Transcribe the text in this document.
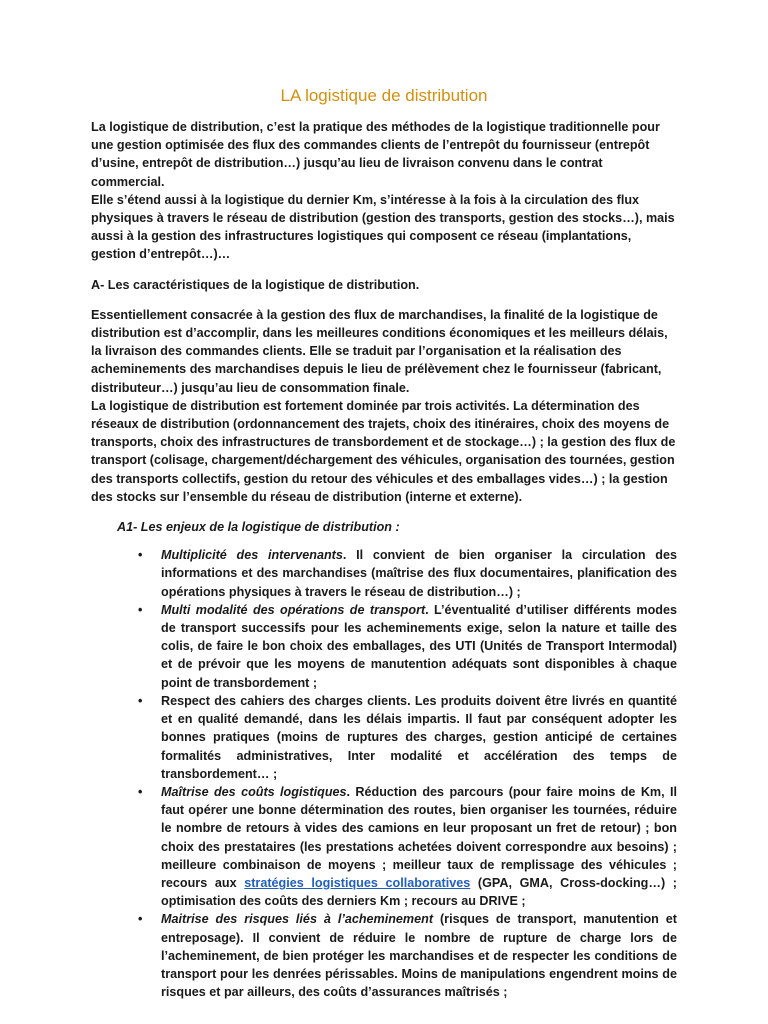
LA logistique de distribution

La logistique de distribution, c’est la pratique des méthodes de la logistique traditionnelle pour une gestion optimisée des flux des commandes clients de l’entrepôt du fournisseur (entrepôt d’usine, entrepôt de distribution…) jusqu’au lieu de livraison convenu dans le contrat commercial.

Elle s’étend aussi à la logistique du dernier Km, s’intéresse à la fois à la circulation des flux physiques à travers le réseau de distribution (gestion des transports, gestion des stocks…), mais aussi à la gestion des infrastructures logistiques qui composent ce réseau (implantations, gestion d’entrepôt…)…

A- Les caractéristiques de la logistique de distribution.

Essentiellement consacrée à la gestion des flux de marchandises, la finalité de la logistique de distribution est d’accomplir, dans les meilleures conditions économiques et les meilleurs délais, la livraison des commandes clients. Elle se traduit par l’organisation et la réalisation des acheminements des marchandises depuis le lieu de prélèvement chez le fournisseur (fabricant, distributeur…) jusqu’au lieu de consommation finale.

La logistique de distribution est fortement dominée par trois activités. La détermination des réseaux de distribution (ordonnancement des trajets, choix des itinéraires, choix des moyens de transports, choix des infrastructures de transbordement et de stockage…) ; la gestion des flux de transport (colisage, chargement/déchargement des véhicules, organisation des tournées, gestion des transports collectifs, gestion du retour des véhicules et des emballages vides…) ; la gestion des stocks sur l’ensemble du réseau de distribution (interne et externe).

A1- Les enjeux de la logistique de distribution :

• Multiplicité des intervenants. Il convient de bien organiser la circulation des informations et des marchandises (maîtrise des flux documentaires, planification des opérations physiques à travers le réseau de distribution…) ;
• Multi modalité des opérations de transport. L’éventualité d’utiliser différents modes de transport successifs pour les acheminements exige, selon la nature et taille des colis, de faire le bon choix des emballages, des UTI (Unités de Transport Intermodal) et de prévoir que les moyens de manutention adéquats sont disponibles à chaque point de transbordement ;
• Respect des cahiers des charges clients. Les produits doivent être livrés en quantité et en qualité demandé, dans les délais impartis. Il faut par conséquent adopter les bonnes pratiques (moins de ruptures des charges, gestion anticipé de certaines formalités administratives, Inter modalité et accélération des temps de transbordement… ;
• Maîtrise des coûts logistiques. Réduction des parcours (pour faire moins de Km, Il faut opérer une bonne détermination des routes, bien organiser les tournées, réduire le nombre de retours à vides des camions en leur proposant un fret de retour) ; bon choix des prestataires (les prestations achetées doivent correspondre aux besoins) ; meilleure combinaison de moyens ; meilleur taux de remplissage des véhicules ; recours aux stratégies logistiques collaboratives (GPA, GMA, Cross-docking…) ; optimisation des coûts des derniers Km ; recours au DRIVE ;
• Maitrise des risques liés à l’acheminement (risques de transport, manutention et entreposage). Il convient de réduire le nombre de rupture de charge lors de l’acheminement, de bien protéger les marchandises et de respecter les conditions de transport pour les denrées périssables. Moins de manipulations engendrent moins de risques et par ailleurs, des coûts d’assurances maîtrisés ;
